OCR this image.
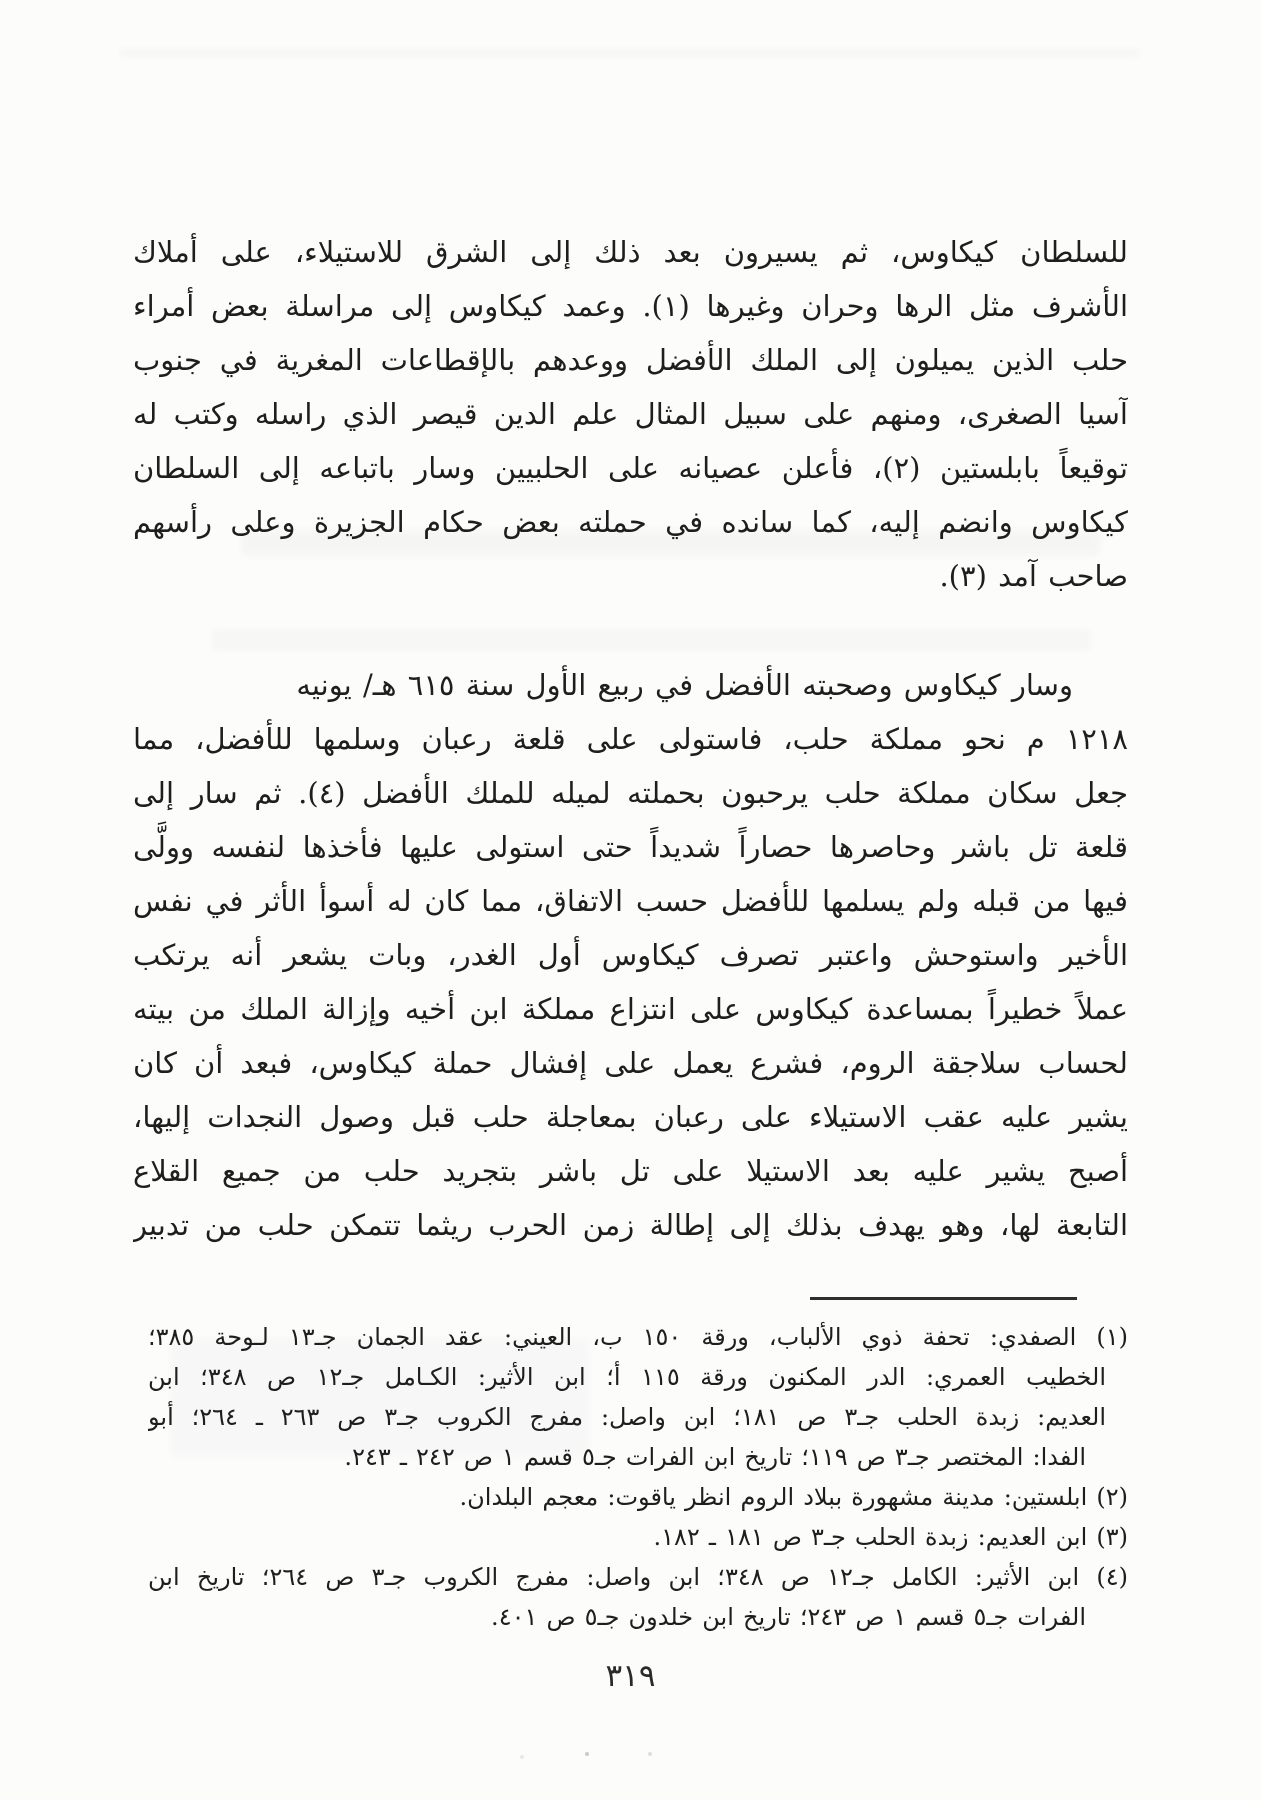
للسلطان كيكاوس، ثم يسيرون بعد ذلك إلى الشرق للاستيلاء، على أملاك
الأشرف مثل الرها وحران وغيرها (١). وعمد كيكاوس إلى مراسلة بعض أمراء
حلب الذين يميلون إلى الملك الأفضل ووعدهم بالإقطاعات المغرية في جنوب
آسيا الصغرى، ومنهم على سبيل المثال علم الدين قيصر الذي راسله وكتب له
توقيعاً بابلستين (٢)، فأعلن عصيانه على الحلبيين وسار باتباعه إلى السلطان
كيكاوس وانضم إليه، كما سانده في حملته بعض حكام الجزيرة وعلى رأسهم
صاحب آمد (٣).
وسار كيكاوس وصحبته الأفضل في ربيع الأول سنة ٦١٥ هـ/ يونيه
١٢١٨ م نحو مملكة حلب، فاستولى على قلعة رعبان وسلمها للأفضل، مما
جعل سكان مملكة حلب يرحبون بحملته لميله للملك الأفضل (٤). ثم سار إلى
قلعة تل باشر وحاصرها حصاراً شديداً حتى استولى عليها فأخذها لنفسه وولَّى
فيها من قبله ولم يسلمها للأفضل حسب الاتفاق، مما كان له أسوأ الأثر في نفس
الأخير واستوحش واعتبر تصرف كيكاوس أول الغدر، وبات يشعر أنه يرتكب
عملاً خطيراً بمساعدة كيكاوس على انتزاع مملكة ابن أخيه وإزالة الملك من بيته
لحساب سلاجقة الروم، فشرع يعمل على إفشال حملة كيكاوس، فبعد أن كان
يشير عليه عقب الاستيلاء على رعبان بمعاجلة حلب قبل وصول النجدات إليها،
أصبح يشير عليه بعد الاستيلا على تل باشر بتجريد حلب من جميع القلاع
التابعة لها، وهو يهدف بذلك إلى إطالة زمن الحرب ريثما تتمكن حلب من تدبير
(١) الصفدي: تحفة ذوي الألباب، ورقة ١٥٠ ب، العيني: عقد الجمان جـ١٣ لـوحة ٣٨٥؛
الخطيب العمري: الدر المكنون ورقة ١١٥ أ؛ ابن الأثير: الكـامل جـ١٢ ص ٣٤٨؛ ابن
العديم: زبدة الحلب جـ٣ ص ١٨١؛ ابن واصل: مفرج الكروب جـ٣ ص ٢٦٣ ـ ٢٦٤؛ أبو
الفدا: المختصر جـ٣ ص ١١٩؛ تاريخ ابن الفرات جـ٥ قسم ١ ص ٢٤٢ ـ ٢٤٣.
(٢) ابلستين: مدينة مشهورة ببلاد الروم انظر ياقوت: معجم البلدان.
(٣) ابن العديم: زبدة الحلب جـ٣ ص ١٨١ ـ ١٨٢.
(٤) ابن الأثير: الكامل جـ١٢ ص ٣٤٨؛ ابن واصل: مفرج الكروب جـ٣ ص ٢٦٤؛ تاريخ ابن
الفرات جـ٥ قسم ١ ص ٢٤٣؛ تاريخ ابن خلدون جـ٥ ص ٤٠١.
٣١٩
